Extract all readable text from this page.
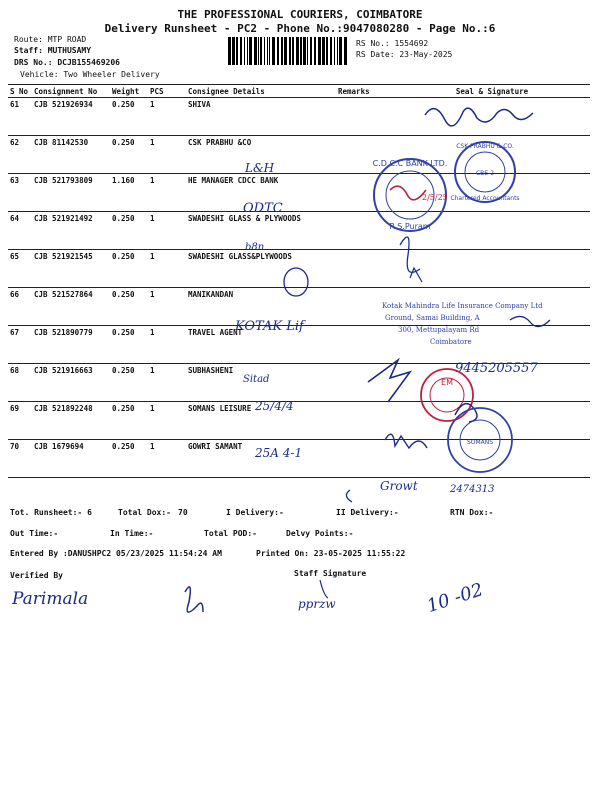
THE PROFESSIONAL COURIERS, COIMBATORE
Delivery Runsheet - PC2 - Phone No.:9047080280 - Page No.:6
Route: MTP ROAD
Staff: MUTHUSAMY
DRS No.: DCJB155469206
Vehicle: Two Wheeler Delivery
RS No.: 1554692
RS Date: 23-May-2025
S No	Consignment No	Weight	PCS	Consignee Details	Remarks	Seal & Signature
61	CJB 521926934	0.250	1	SHIVA		
62	CJB 81142530	0.250	1	CSK PRABHU &CO		
63	CJB 521793809	1.160	1	HE MANAGER CDCC BANK		
64	CJB 521921492	0.250	1	SWADESHI GLASS & PLYWOODS		
65	CJB 521921545	0.250	1	SWADESHI GLASS&PLYWOODS		
66	CJB 521527864	0.250	1	MANIKANDAN		
67	CJB 521890779	0.250	1	TRAVEL AGENT		
68	CJB 521916663	0.250	1	SUBHASHENI		
69	CJB 521892248	0.250	1	SOMANS LEISURE		
70	CJB 1679694	0.250	1	GOWRI SAMANT		
L&H
ODTC
b8n
KOTAK Lif
Sitad
25/4/4
25A 4-1
C.D.C.C BANK LTD.
R.S.Puram
2/5/25
CSK PRABHU & CO.
CBE-2
Chartered Accountants
Kotak Mahindra Life Insurance Company Ltd
Ground, Samai Building, A
300, Mettupalayam Rd
Coimbatore
9445205557
EM
SOMANS
Growt	2474313
Parimala	pprzw	10 -02
Tot. Runsheet:- 6	Total Dox:- 70	I Delivery:-	II Delivery:-	RTN Dox:-
Out Time:-	In Time:-	Total POD:-	Delvy Points:-
Entered By :DANUSHPC2 05/23/2025 11:54:24 AM	Printed On: 23-05-2025 11:55:22
Verified By	Staff Signature
